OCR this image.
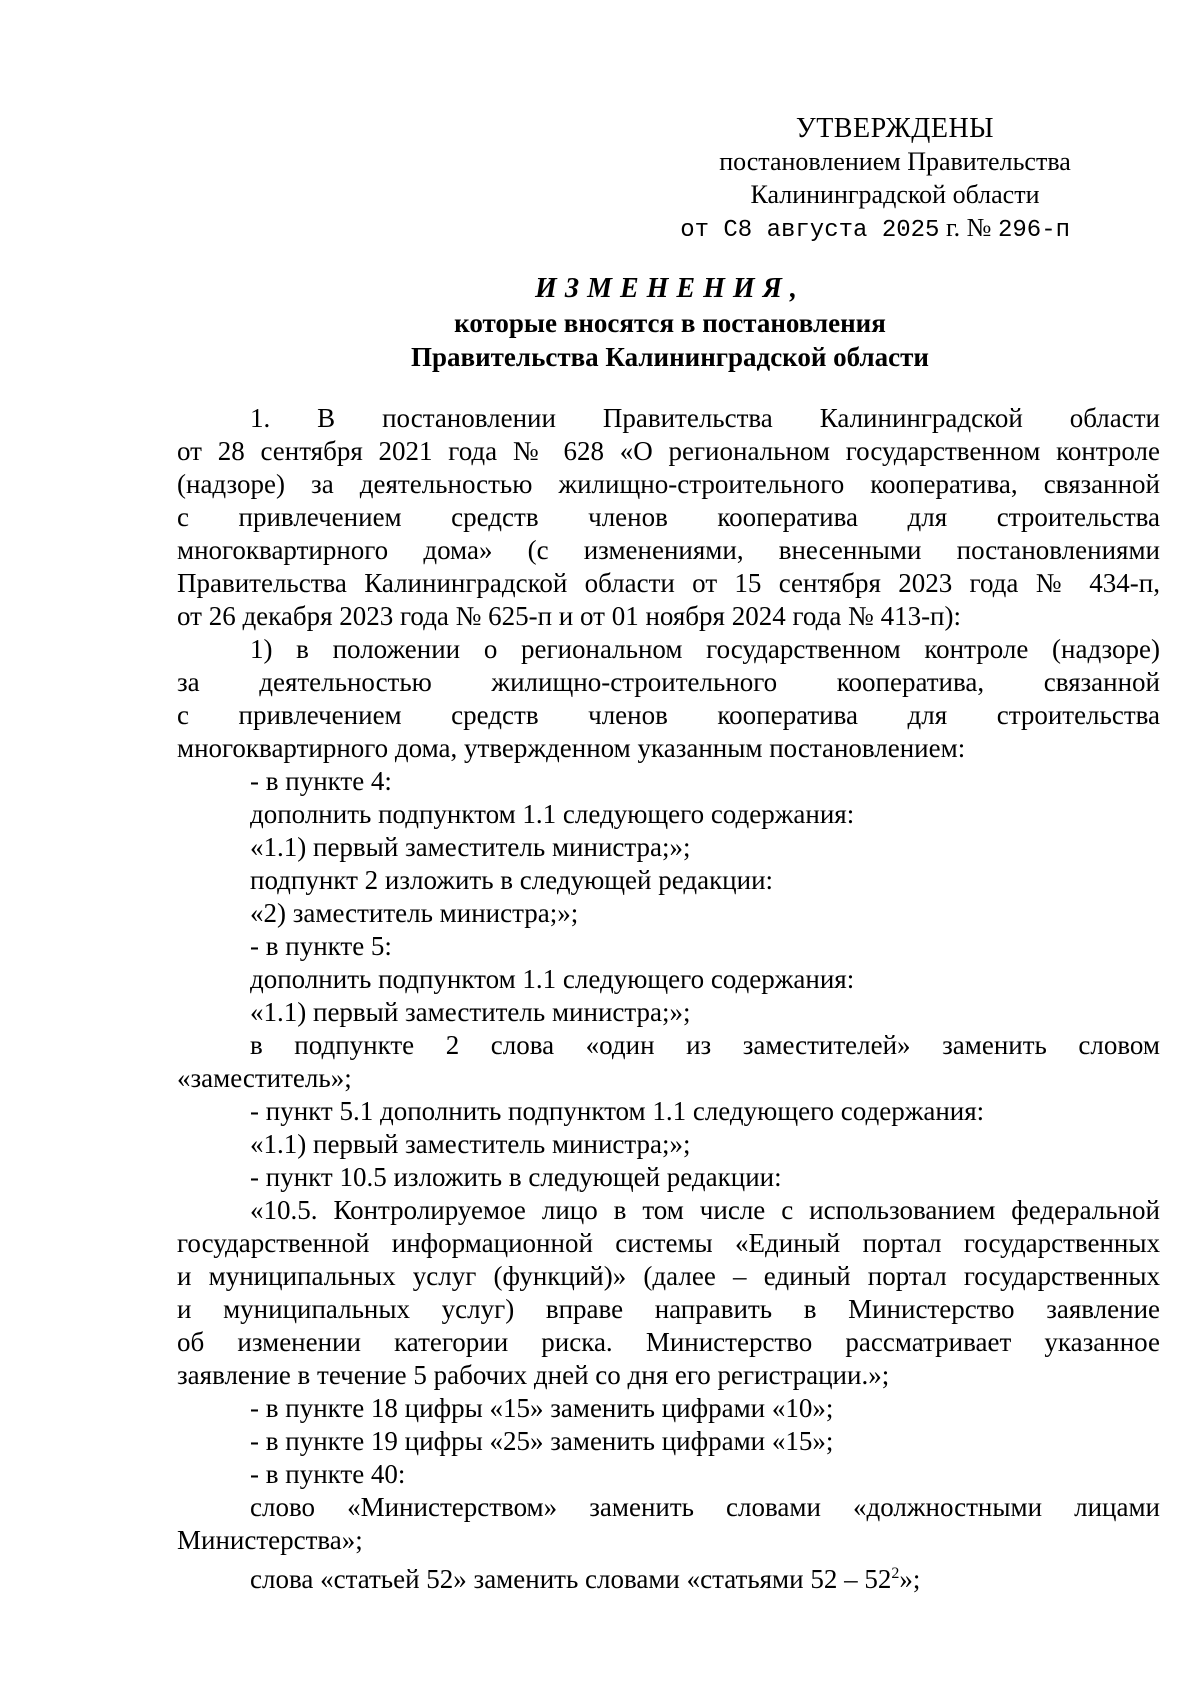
УТВЕРЖДЕНЫ
постановлением Правительства
Калининградской области
от С8 августа 2025 г. № 296-п
ИЗМЕНЕНИЯ,
которые вносятся в постановления
Правительства Калининградской области
1. В постановлении Правительства Калининградской области
от 28 сентября 2021 года № 628 «О региональном государственном контроле
(надзоре) за деятельностью жилищно-строительного кооператива, связанной
с привлечением средств членов кооператива для строительства
многоквартирного дома» (с изменениями, внесенными постановлениями
Правительства Калининградской области от 15 сентября 2023 года № 434-п,
от 26 декабря 2023 года № 625-п и от 01 ноября 2024 года № 413-п):
1) в положении о региональном государственном контроле (надзоре)
за деятельностью жилищно-строительного кооператива, связанной
с привлечением средств членов кооператива для строительства
многоквартирного дома, утвержденном указанным постановлением:
- в пункте 4:
дополнить подпунктом 1.1 следующего содержания:
«1.1) первый заместитель министра;»;
подпункт 2 изложить в следующей редакции:
«2) заместитель министра;»;
- в пункте 5:
дополнить подпунктом 1.1 следующего содержания:
«1.1) первый заместитель министра;»;
в подпункте 2 слова «один из заместителей» заменить словом
«заместитель»;
- пункт 5.1 дополнить подпунктом 1.1 следующего содержания:
«1.1) первый заместитель министра;»;
- пункт 10.5 изложить в следующей редакции:
«10.5. Контролируемое лицо в том числе с использованием федеральной
государственной информационной системы «Единый портал государственных
и муниципальных услуг (функций)» (далее – единый портал государственных
и муниципальных услуг) вправе направить в Министерство заявление
об изменении категории риска. Министерство рассматривает указанное
заявление в течение 5 рабочих дней со дня его регистрации.»;
- в пункте 18 цифры «15» заменить цифрами «10»;
- в пункте 19 цифры «25» заменить цифрами «15»;
- в пункте 40:
слово «Министерством» заменить словами «должностными лицами
Министерства»;
слова «статьей 52» заменить словами «статьями $52 - 52^2$»;
